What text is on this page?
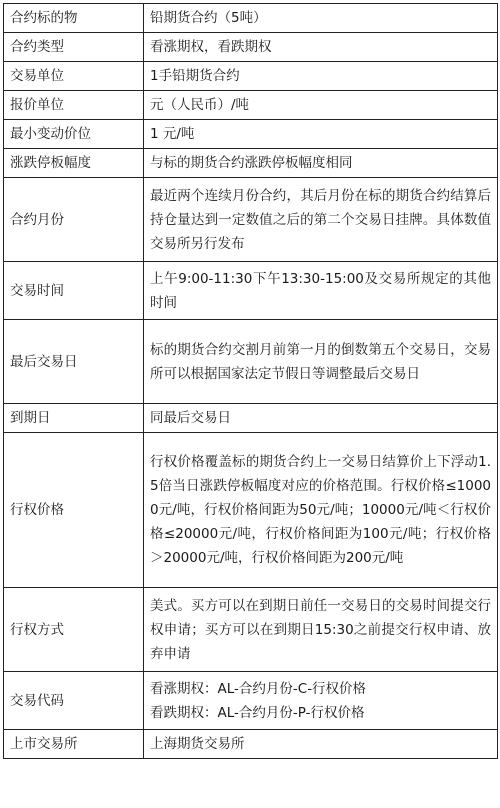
合约标的物	铅期货合约（5吨）

合约类型	看涨期权，看跌期权

交易单位	1手铅期货合约

报价单位	元（人民币）/吨

最小变动价位	1 元/吨

涨跌停板幅度	与标的期货合约涨跌停板幅度相同

合约月份	最近两个连续月份合约，其后月份在标的期货合约结算后持仓量达到一定数值之后的第二个交易日挂牌。具体数值交易所另行发布

交易时间	上午9:00-11:30下午13:30-15:00及交易所规定的其他时间

最后交易日	标的期货合约交割月前第一月的倒数第五个交易日，交易所可以根据国家法定节假日等调整最后交易日

到期日	同最后交易日

行权价格	行权价格覆盖标的期货合约上一交易日结算价上下浮动1.5倍当日涨跌停板幅度对应的价格范围。行权价格≤10000元/吨，行权价格间距为50元/吨；10000元/吨＜行权价格≤20000元/吨，行权价格间距为100元/吨；行权价格＞20000元/吨，行权价格间距为200元/吨

行权方式	美式。买方可以在到期日前任一交易日的交易时间提交行权申请；买方可以在到期日15:30之前提交行权申请、放弃申请

交易代码	看涨期权：AL-合约月份-C-行权价格
看跌期权：AL-合约月份-P-行权价格

上市交易所	上海期货交易所
